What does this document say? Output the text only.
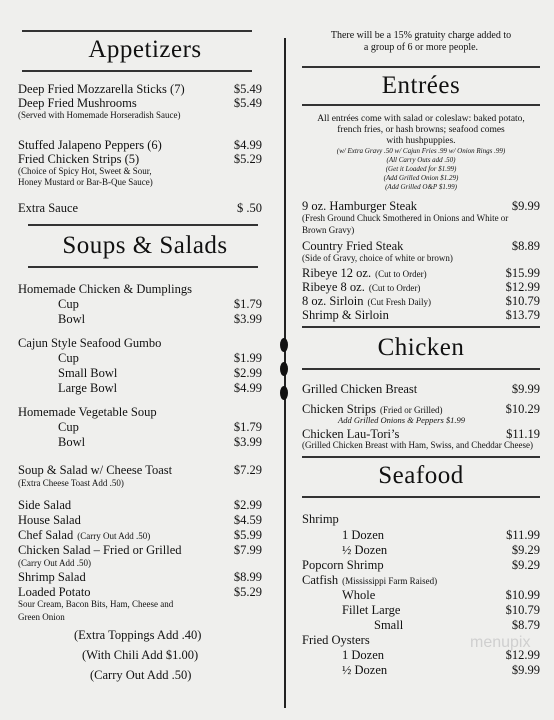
Appetizers
Deep Fried Mozzarella Sticks (7)	$5.49
Deep Fried Mushrooms	$5.49
(Served with Homemade Horseradish Sauce)
Stuffed Jalapeno Peppers (6)	$4.99
Fried Chicken Strips (5)	$5.29
(Choice of Spicy Hot, Sweet & Sour,
Honey Mustard or Bar-B-Que Sauce)
Extra Sauce	$ .50
Soups & Salads
Homemade Chicken & Dumplings
Cup	$1.79
Bowl	$3.99
Cajun Style Seafood Gumbo
Cup	$1.99
Small Bowl	$2.99
Large Bowl	$4.99
Homemade Vegetable Soup
Cup	$1.79
Bowl	$3.99
Soup & Salad w/ Cheese Toast	$7.29
(Extra Cheese Toast Add .50)
Side Salad	$2.99
House Salad	$4.59
Chef Salad (Carry Out Add .50)	$5.99
Chicken Salad – Fried or Grilled	$7.99
(Carry Out Add .50)
Shrimp Salad	$8.99
Loaded Potato	$5.29
Sour Cream, Bacon Bits, Ham, Cheese and
Green Onion
(Extra Toppings Add .40)
(With Chili Add $1.00)
(Carry Out Add .50)
There will be a 15% gratuity charge added to
a group of 6 or more people.
Entrées
All entrées come with salad or coleslaw: baked potato,
french fries, or hash browns; seafood comes
with hushpuppies.
(w/ Extra Gravy .50 w/ Cajun Fries .99 w/ Onion Rings .99)
(All Carry Outs add .50)
(Get it Loaded for $1.99)
(Add Grilled Onion $1.29)
(Add Grilled O&P $1.99)
9 oz. Hamburger Steak	$9.99
(Fresh Ground Chuck Smothered in Onions and White or
Brown Gravy)
Country Fried Steak	$8.89
(Side of Gravy, choice of white or brown)
Ribeye 12 oz. (Cut to Order)	$15.99
Ribeye 8 oz. (Cut to Order)	$12.99
8 oz. Sirloin (Cut Fresh Daily)	$10.79
Shrimp & Sirloin	$13.79
Chicken
Grilled Chicken Breast	$9.99
Chicken Strips (Fried or Grilled)	$10.29
Add Grilled Onions & Peppers $1.99
Chicken Lau-Tori’s	$11.19
(Grilled Chicken Breast with Ham, Swiss, and Cheddar Cheese)
Seafood
Shrimp
1 Dozen	$11.99
½ Dozen	$9.29
Popcorn Shrimp	$9.29
Catfish (Mississippi Farm Raised)
Whole	$10.99
Fillet Large	$10.79
Small	$8.79
Fried Oysters
1 Dozen	$12.99
½ Dozen	$9.99
menupix
